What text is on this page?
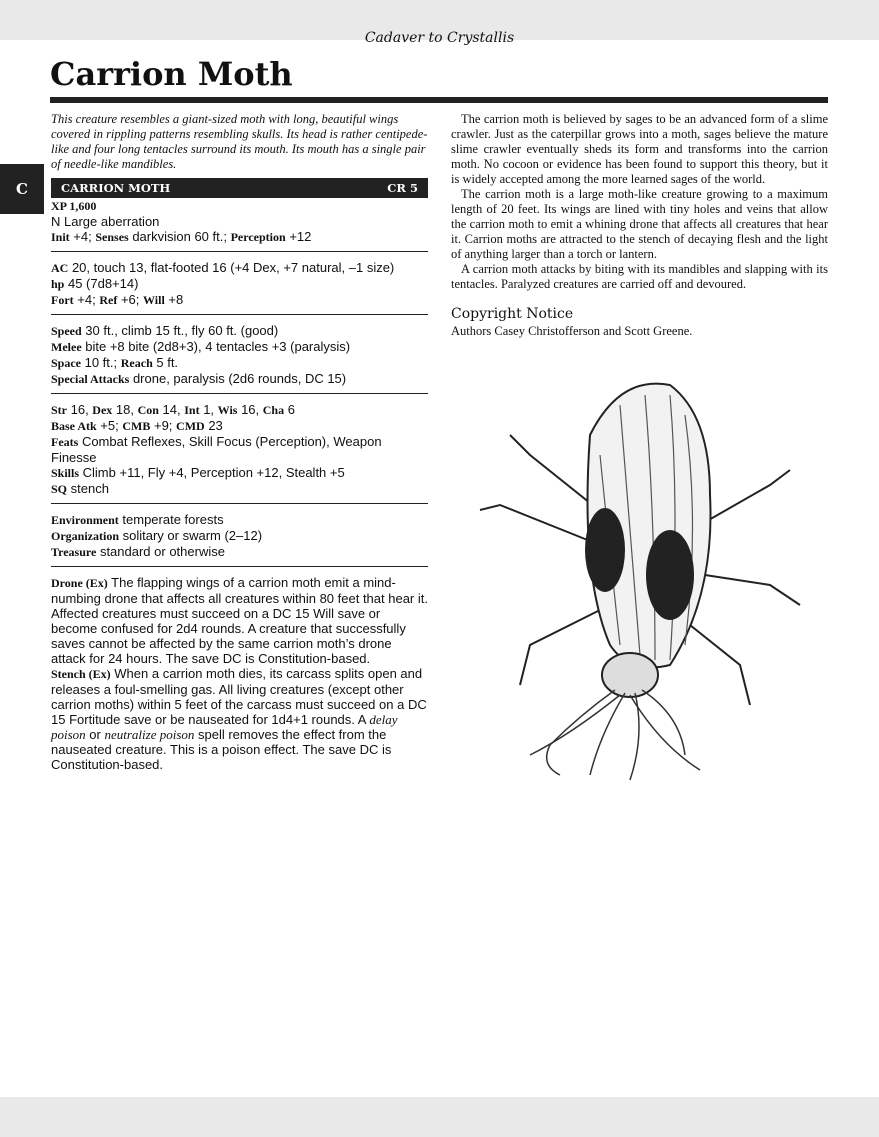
Cadaver to Crystallis
Carrion Moth
C

This creature resembles a giant-sized moth with long, beautiful wings covered in rippling patterns resembling skulls. Its head is rather centipede-like and four long tentacles surround its mouth. Its mouth has a single pair of needle-like mandibles.

CARRION MOTH	CR 5
XP 1,600
N Large aberration
Init +4; Senses darkvision 60 ft.; Perception +12
AC 20, touch 13, flat-footed 16 (+4 Dex, +7 natural, –1 size)
hp 45 (7d8+14)
Fort +4; Ref +6; Will +8
Speed 30 ft., climb 15 ft., fly 60 ft. (good)
Melee bite +8 bite (2d8+3), 4 tentacles +3 (paralysis)
Space 10 ft.; Reach 5 ft.
Special Attacks drone, paralysis (2d6 rounds, DC 15)
Str 16, Dex 18, Con 14, Int 1, Wis 16, Cha 6
Base Atk +5; CMB +9; CMD 23
Feats Combat Reflexes, Skill Focus (Perception), Weapon Finesse
Skills Climb +11, Fly +4, Perception +12, Stealth +5
SQ stench
Environment temperate forests
Organization solitary or swarm (2–12)
Treasure standard or otherwise

Drone (Ex) The flapping wings of a carrion moth emit a mind-numbing drone that affects all creatures within 80 feet that hear it. Affected creatures must succeed on a DC 15 Will save or become confused for 2d4 rounds. A creature that successfully saves cannot be affected by the same carrion moth’s drone attack for 24 hours. The save DC is Constitution-based.

Stench (Ex) When a carrion moth dies, its carcass splits open and releases a foul-smelling gas. All living creatures (except other carrion moths) within 5 feet of the carcass must succeed on a DC 15 Fortitude save or be nauseated for 1d4+1 rounds. A delay poison or neutralize poison spell removes the effect from the nauseated creature. This is a poison effect. The save DC is Constitution-based.

The carrion moth is believed by sages to be an advanced form of a slime crawler. Just as the caterpillar grows into a moth, sages believe the mature slime crawler eventually sheds its form and transforms into the carrion moth. No cocoon or evidence has been found to support this theory, but it is widely accepted among the more learned sages of the world.

The carrion moth is a large moth-like creature growing to a maximum length of 20 feet. Its wings are lined with tiny holes and veins that allow the carrion moth to emit a whining drone that affects all creatures that hear it. Carrion moths are attracted to the stench of decaying flesh and the light of anything larger than a torch or lantern.

A carrion moth attacks by biting with its mandibles and slapping with its tentacles. Paralyzed creatures are carried off and devoured.

Copyright Notice

Authors Casey Christofferson and Scott Greene.
